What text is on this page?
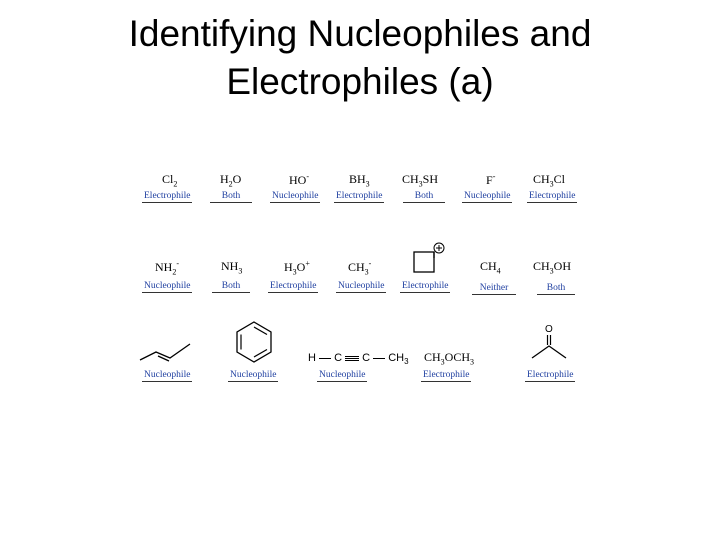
Identifying Nucleophiles and
Electrophiles (a)
$Cl_2$
Electrophile
$H_2O$
Both
HO-
Nucleophile
$BH_3$
Electrophile
$CH_3SH$
Both
F-
Nucleophile
$CH_3Cl$
Electrophile
$NH_2^-$
Nucleophile
$NH_3$
Both
$H_3O^+$
Electrophile
$CH_3^-$
Nucleophile Electrophile
$CH_4$
Neither
$CH_3OH$
Both
Nucleophile	Nucleophile
H C C $CH_3$
Nucleophile
$CH_3OCH_3$
Electrophile
O
Electrophile
